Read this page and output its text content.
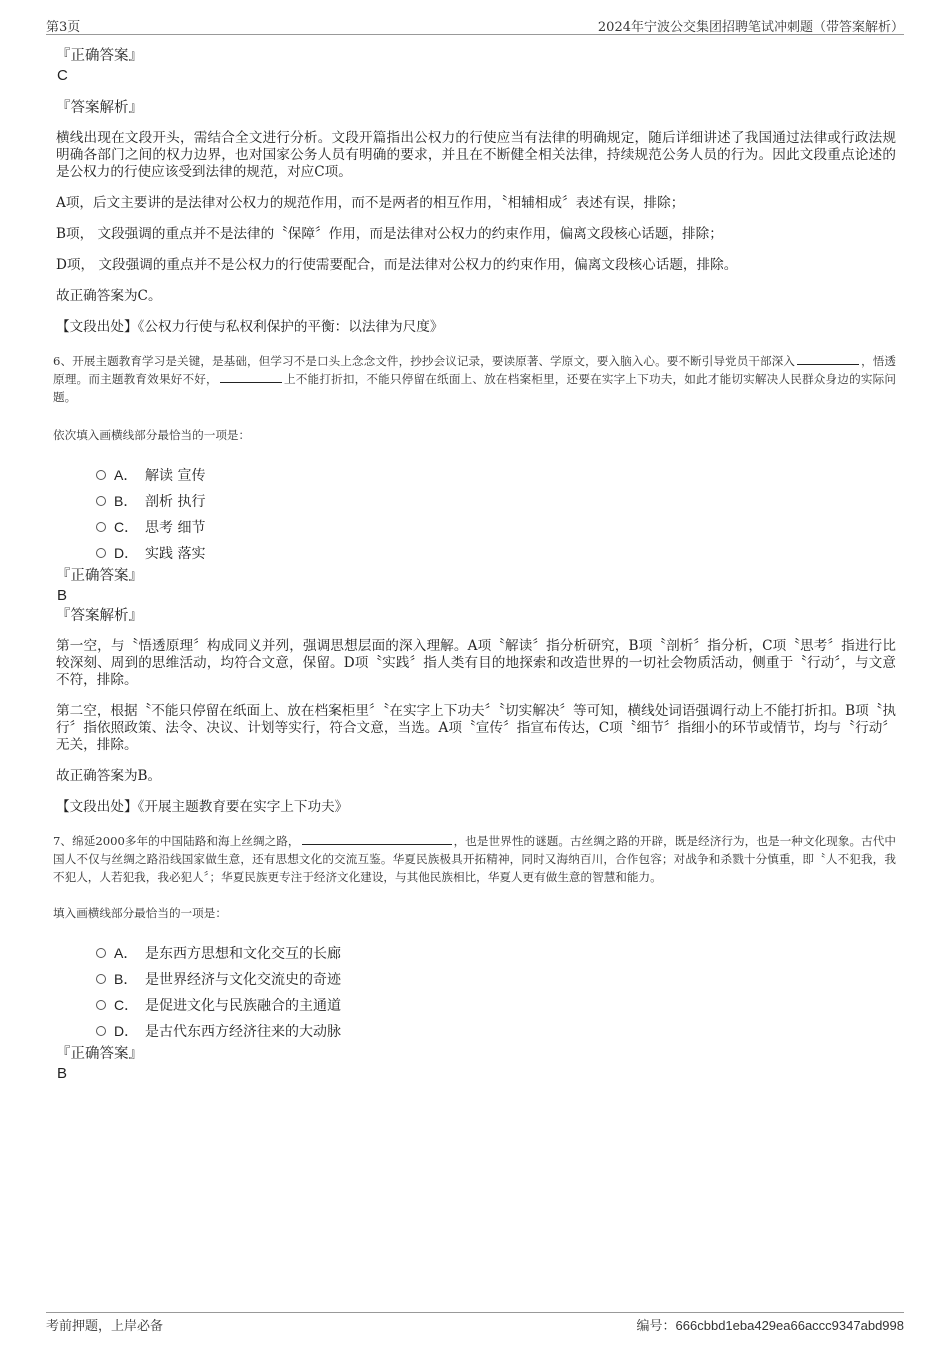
第3页	2024年宁波公交集团招聘笔试冲刺题（带答案解析）
『正确答案』
C
『答案解析』
横线出现在文段开头，需结合全文进行分析。文段开篇指出公权力的行使应当有法律的明确规定，随后详细讲述了我国通过法律或行政法规明确各部门之间的权力边界，也对国家公务人员有明确的要求，并且在不断健全相关法律，持续规范公务人员的行为。因此文段重点论述的是公权力的行使应该受到法律的规范，对应C项。
A项，后文主要讲的是法律对公权力的规范作用，而不是两者的相互作用，〝相辅相成〞表述有误，排除；
B项， 文段强调的重点并不是法律的〝保障〞作用，而是法律对公权力的约束作用，偏离文段核心话题，排除；
D项， 文段强调的重点并不是公权力的行使需要配合，而是法律对公权力的约束作用，偏离文段核心话题，排除。
故正确答案为C。
【文段出处】《公权力行使与私权利保护的平衡：以法律为尺度》
6、开展主题教育学习是关键，是基础，但学习不是口头上念念文件，抄抄会议记录，要读原著、学原文，要入脑入心。要不断引导党员干部深入	，悟透原理。而主题教育效果好不好，	上不能打折扣，不能只停留在纸面上、放在档案柜里，还要在实字上下功夫，如此才能切实解决人民群众身边的实际问题。
依次填入画横线部分最恰当的一项是：
A． 解读 宣传
B． 剖析 执行
C． 思考 细节
D． 实践 落实
『正确答案』
B
『答案解析』
第一空，与〝悟透原理〞构成同义并列，强调思想层面的深入理解。A项〝解读〞指分析研究，B项〝剖析〞指分析，C项〝思考〞指进行比较深刻、周到的思维活动，均符合文意，保留。D项〝实践〞指人类有目的地探索和改造世界的一切社会物质活动，侧重于〝行动〞，与文意不符，排除。
第二空，根据〝不能只停留在纸面上、放在档案柜里〞〝在实字上下功夫〞〝切实解决〞等可知，横线处词语强调行动上不能打折扣。B项〝执行〞指依照政策、法令、决议、计划等实行，符合文意，当选。A项〝宣传〞指宣布传达，C项〝细节〞指细小的环节或情节，均与〝行动〞无关，排除。
故正确答案为B。
【文段出处】《开展主题教育要在实字上下功夫》
7、绵延2000多年的中国陆路和海上丝绸之路，	，也是世界性的谜题。古丝绸之路的开辟，既是经济行为，也是一种文化现象。古代中国人不仅与丝绸之路沿线国家做生意，还有思想文化的交流互鉴。华夏民族极具开拓精神，同时又海纳百川，合作包容；对战争和杀戮十分慎重，即〝人不犯我，我不犯人，人若犯我，我必犯人〞；华夏民族更专注于经济文化建设，与其他民族相比，华夏人更有做生意的智慧和能力。
填入画横线部分最恰当的一项是：
A． 是东西方思想和文化交互的长廊
B． 是世界经济与文化交流史的奇迹
C． 是促进文化与民族融合的主通道
D． 是古代东西方经济往来的大动脉
『正确答案』
B
考前押题，上岸必备	编号：666cbbd1eba429ea66accc9347abd998
